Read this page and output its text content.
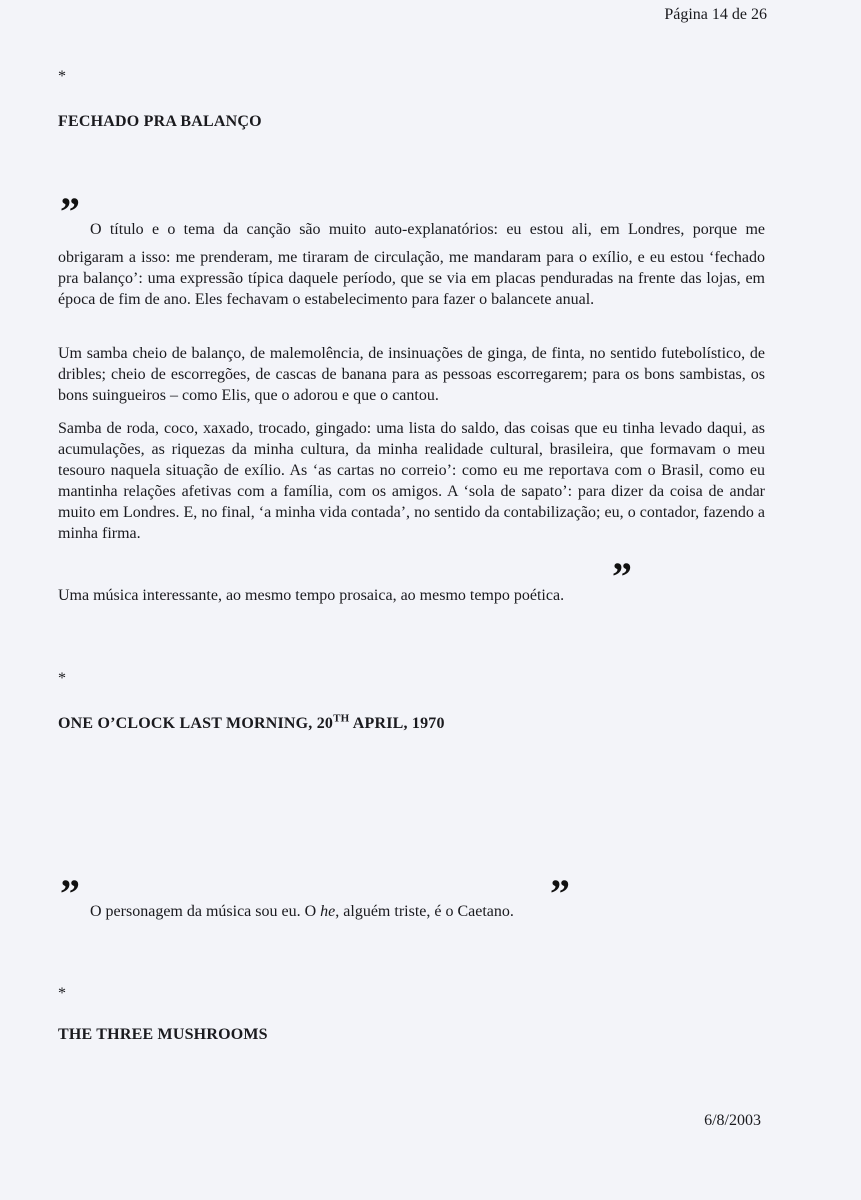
Página 14 de 26
*
FECHADO PRA BALANÇO
” O título e o tema da canção são muito auto-explanatórios: eu estou ali, em Londres, porque me
obrigaram a isso: me prenderam, me tiraram de circulação, me mandaram para o exílio, e eu estou ‘fechado pra balanço’: uma expressão típica daquele período, que se via em placas penduradas na frente das lojas, em época de fim de ano. Eles fechavam o estabelecimento para fazer o balancete anual.
Um samba cheio de balanço, de malemolência, de insinuações de ginga, de finta, no sentido futebolístico, de dribles; cheio de escorregões, de cascas de banana para as pessoas escorregarem; para os bons sambistas, os bons suingueiros – como Elis, que o adorou e que o cantou.
Samba de roda, coco, xaxado, trocado, gingado: uma lista do saldo, das coisas que eu tinha levado daqui, as acumulações, as riquezas da minha cultura, da minha realidade cultural, brasileira, que formavam o meu tesouro naquela situação de exílio. As ‘as cartas no correio’: como eu me reportava com o Brasil, como eu mantinha relações afetivas com a família, com os amigos. A ‘sola de sapato’: para dizer da coisa de andar muito em Londres. E, no final, ‘a minha vida contada’, no sentido da contabilização; eu, o contador, fazendo a minha firma.
”
Uma música interessante, ao mesmo tempo prosaica, ao mesmo tempo poética.
*
ONE O’CLOCK LAST MORNING, 20TH APRIL, 1970
” O personagem da música sou eu. O he, alguém triste, é o Caetano. ”
*
THE THREE MUSHROOMS
6/8/2003
